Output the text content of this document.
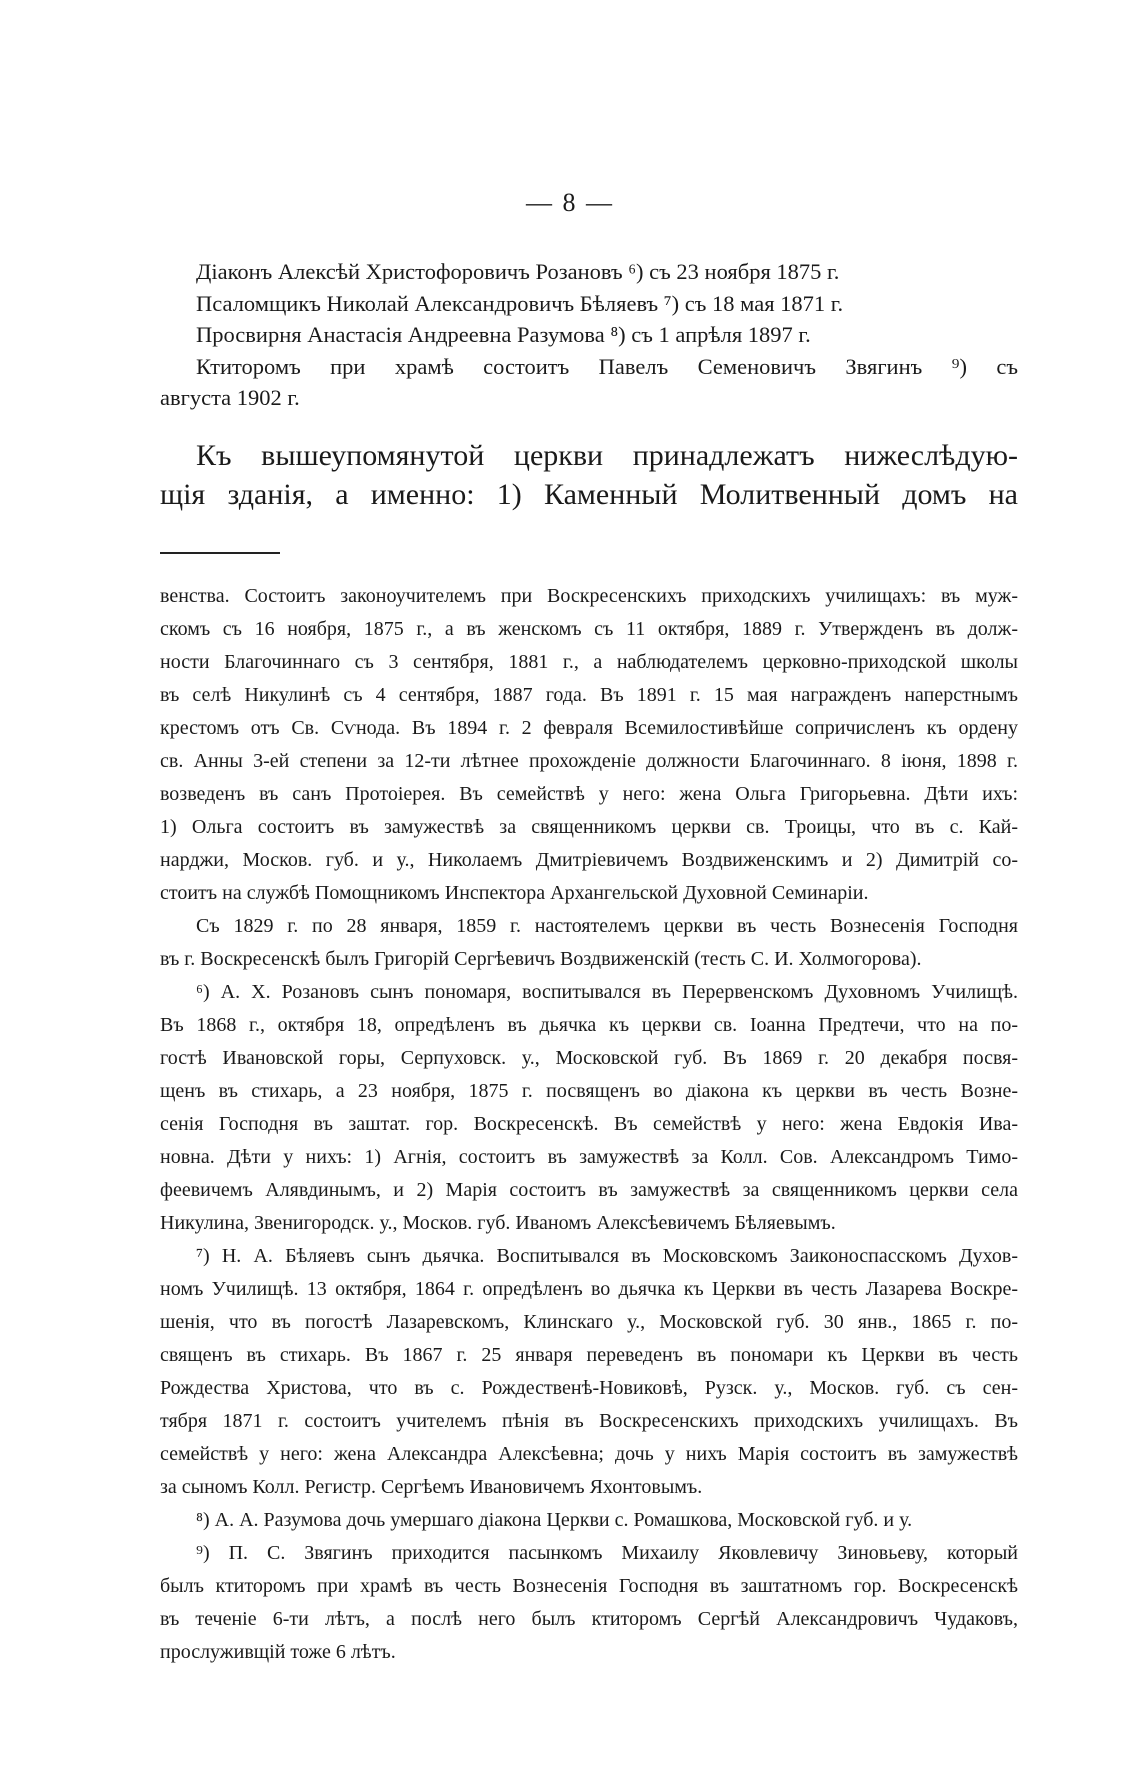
— 8 —
Діаконъ Алексѣй Христофоровичъ Розановъ ⁶) съ 23 ноября 1875 г.
Псаломщикъ Николай Александровичъ Бѣляевъ ⁷) съ 18 мая 1871 г.
Просвирня Анастасія Андреевна Разумова ⁸) съ 1 апрѣля 1897 г.
Ктиторомъ при храмѣ состоитъ Павелъ Семеновичъ Звягинъ ⁹) съ
августа 1902 г.
Къ вышеупомянутой церкви принадлежатъ нижеслѣдую-
щія зданія, а именно: 1) Каменный Молитвенный домъ на
венства. Состоитъ законоучителемъ при Воскресенскихъ приходскихъ училищахъ: въ муж-
скомъ съ 16 ноября, 1875 г., а въ женскомъ съ 11 октября, 1889 г. Утвержденъ въ долж-
ности Благочиннаго съ 3 сентября, 1881 г., а наблюдателемъ церковно-приходской школы
въ селѣ Никулинѣ съ 4 сентября, 1887 года. Въ 1891 г. 15 мая награжденъ наперстнымъ
крестомъ отъ Св. Сѵнода. Въ 1894 г. 2 февраля Всемилостивѣйше сопричисленъ къ ордену
св. Анны 3-ей степени за 12-ти лѣтнее прохожденіе должности Благочиннаго. 8 іюня, 1898 г.
возведенъ въ санъ Протоіерея. Въ семействѣ у него: жена Ольга Григорьевна. Дѣти ихъ:
1) Ольга состоитъ въ замужествѣ за священникомъ церкви св. Троицы, что въ с. Кай-
нарджи, Москов. губ. и у., Николаемъ Дмитріевичемъ Воздвиженскимъ и 2) Димитрій со-
стоитъ на службѣ Помощникомъ Инспектора Архангельской Духовной Семинаріи.
Съ 1829 г. по 28 января, 1859 г. настоятелемъ церкви въ честь Вознесенія Господня
въ г. Воскресенскѣ былъ Григорій Сергѣевичъ Воздвиженскій (тесть С. И. Холмогорова).
⁶) А. Х. Розановъ сынъ пономаря, воспитывался въ Перервенскомъ Духовномъ Училищѣ.
Въ 1868 г., октября 18, опредѣленъ въ дьячка къ церкви св. Іоанна Предтечи, что на по-
гостѣ Ивановской горы, Серпуховск. у., Московской губ. Въ 1869 г. 20 декабря посвя-
щенъ въ стихарь, а 23 ноября, 1875 г. посвященъ во діакона къ церкви въ честь Возне-
сенія Господня въ заштат. гор. Воскресенскѣ. Въ семействѣ у него: жена Евдокія Ива-
новна. Дѣти у нихъ: 1) Агнія, состоитъ въ замужествѣ за Колл. Сов. Александромъ Тимо-
феевичемъ Алявдинымъ, и 2) Марія состоитъ въ замужествѣ за священникомъ церкви села
Никулина, Звенигородск. у., Москов. губ. Иваномъ Алексѣевичемъ Бѣляевымъ.
⁷) Н. А. Бѣляевъ сынъ дьячка. Воспитывался въ Московскомъ Заиконоспасскомъ Духов-
номъ Училищѣ. 13 октября, 1864 г. опредѣленъ во дьячка къ Церкви въ честь Лазарева Воскре-
шенія, что въ погостѣ Лазаревскомъ, Клинскаго у., Московской губ. 30 янв., 1865 г. по-
священъ въ стихарь. Въ 1867 г. 25 января переведенъ въ пономари къ Церкви въ честь
Рождества Христова, что въ с. Рождественѣ-Новиковѣ, Рузск. у., Москов. губ. съ сен-
тября 1871 г. состоитъ учителемъ пѣнія въ Воскресенскихъ приходскихъ училищахъ. Въ
семействѣ у него: жена Александра Алексѣевна; дочь у нихъ Марія состоитъ въ замужествѣ
за сыномъ Колл. Регистр. Сергѣемъ Ивановичемъ Яхонтовымъ.
⁸) А. А. Разумова дочь умершаго діакона Церкви с. Ромашкова, Московской губ. и у.
⁹) П. С. Звягинъ приходится пасынкомъ Михаилу Яковлевичу Зиновьеву, который
былъ ктиторомъ при храмѣ въ честь Вознесенія Господня въ заштатномъ гор. Воскресенскѣ
въ теченіе 6-ти лѣтъ, а послѣ него былъ ктиторомъ Сергѣй Александровичъ Чудаковъ,
прослуживщій тоже 6 лѣтъ.
